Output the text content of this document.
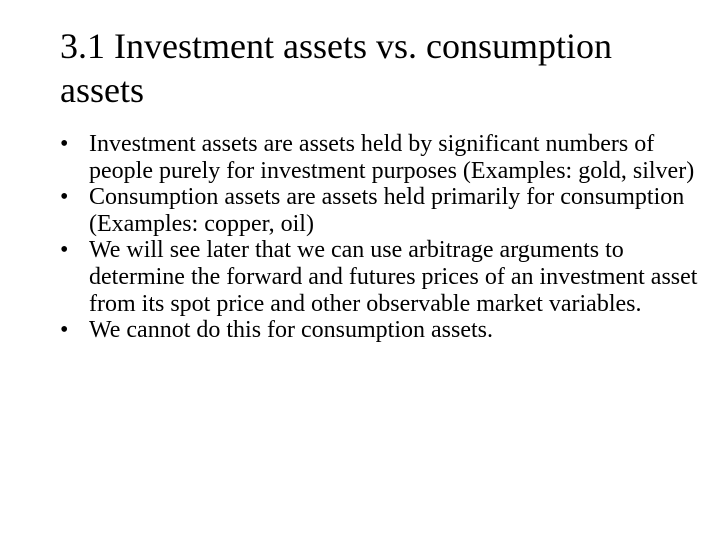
3.1 Investment assets vs. consumption assets
• Investment assets are assets held by significant numbers of people purely for investment purposes (Examples: gold, silver)
• Consumption assets are assets held primarily for consumption (Examples: copper, oil)
• We will see later that we can use arbitrage arguments to determine the forward and futures prices of an investment asset from its spot price and other observable market variables.
• We cannot do this for consumption assets.
